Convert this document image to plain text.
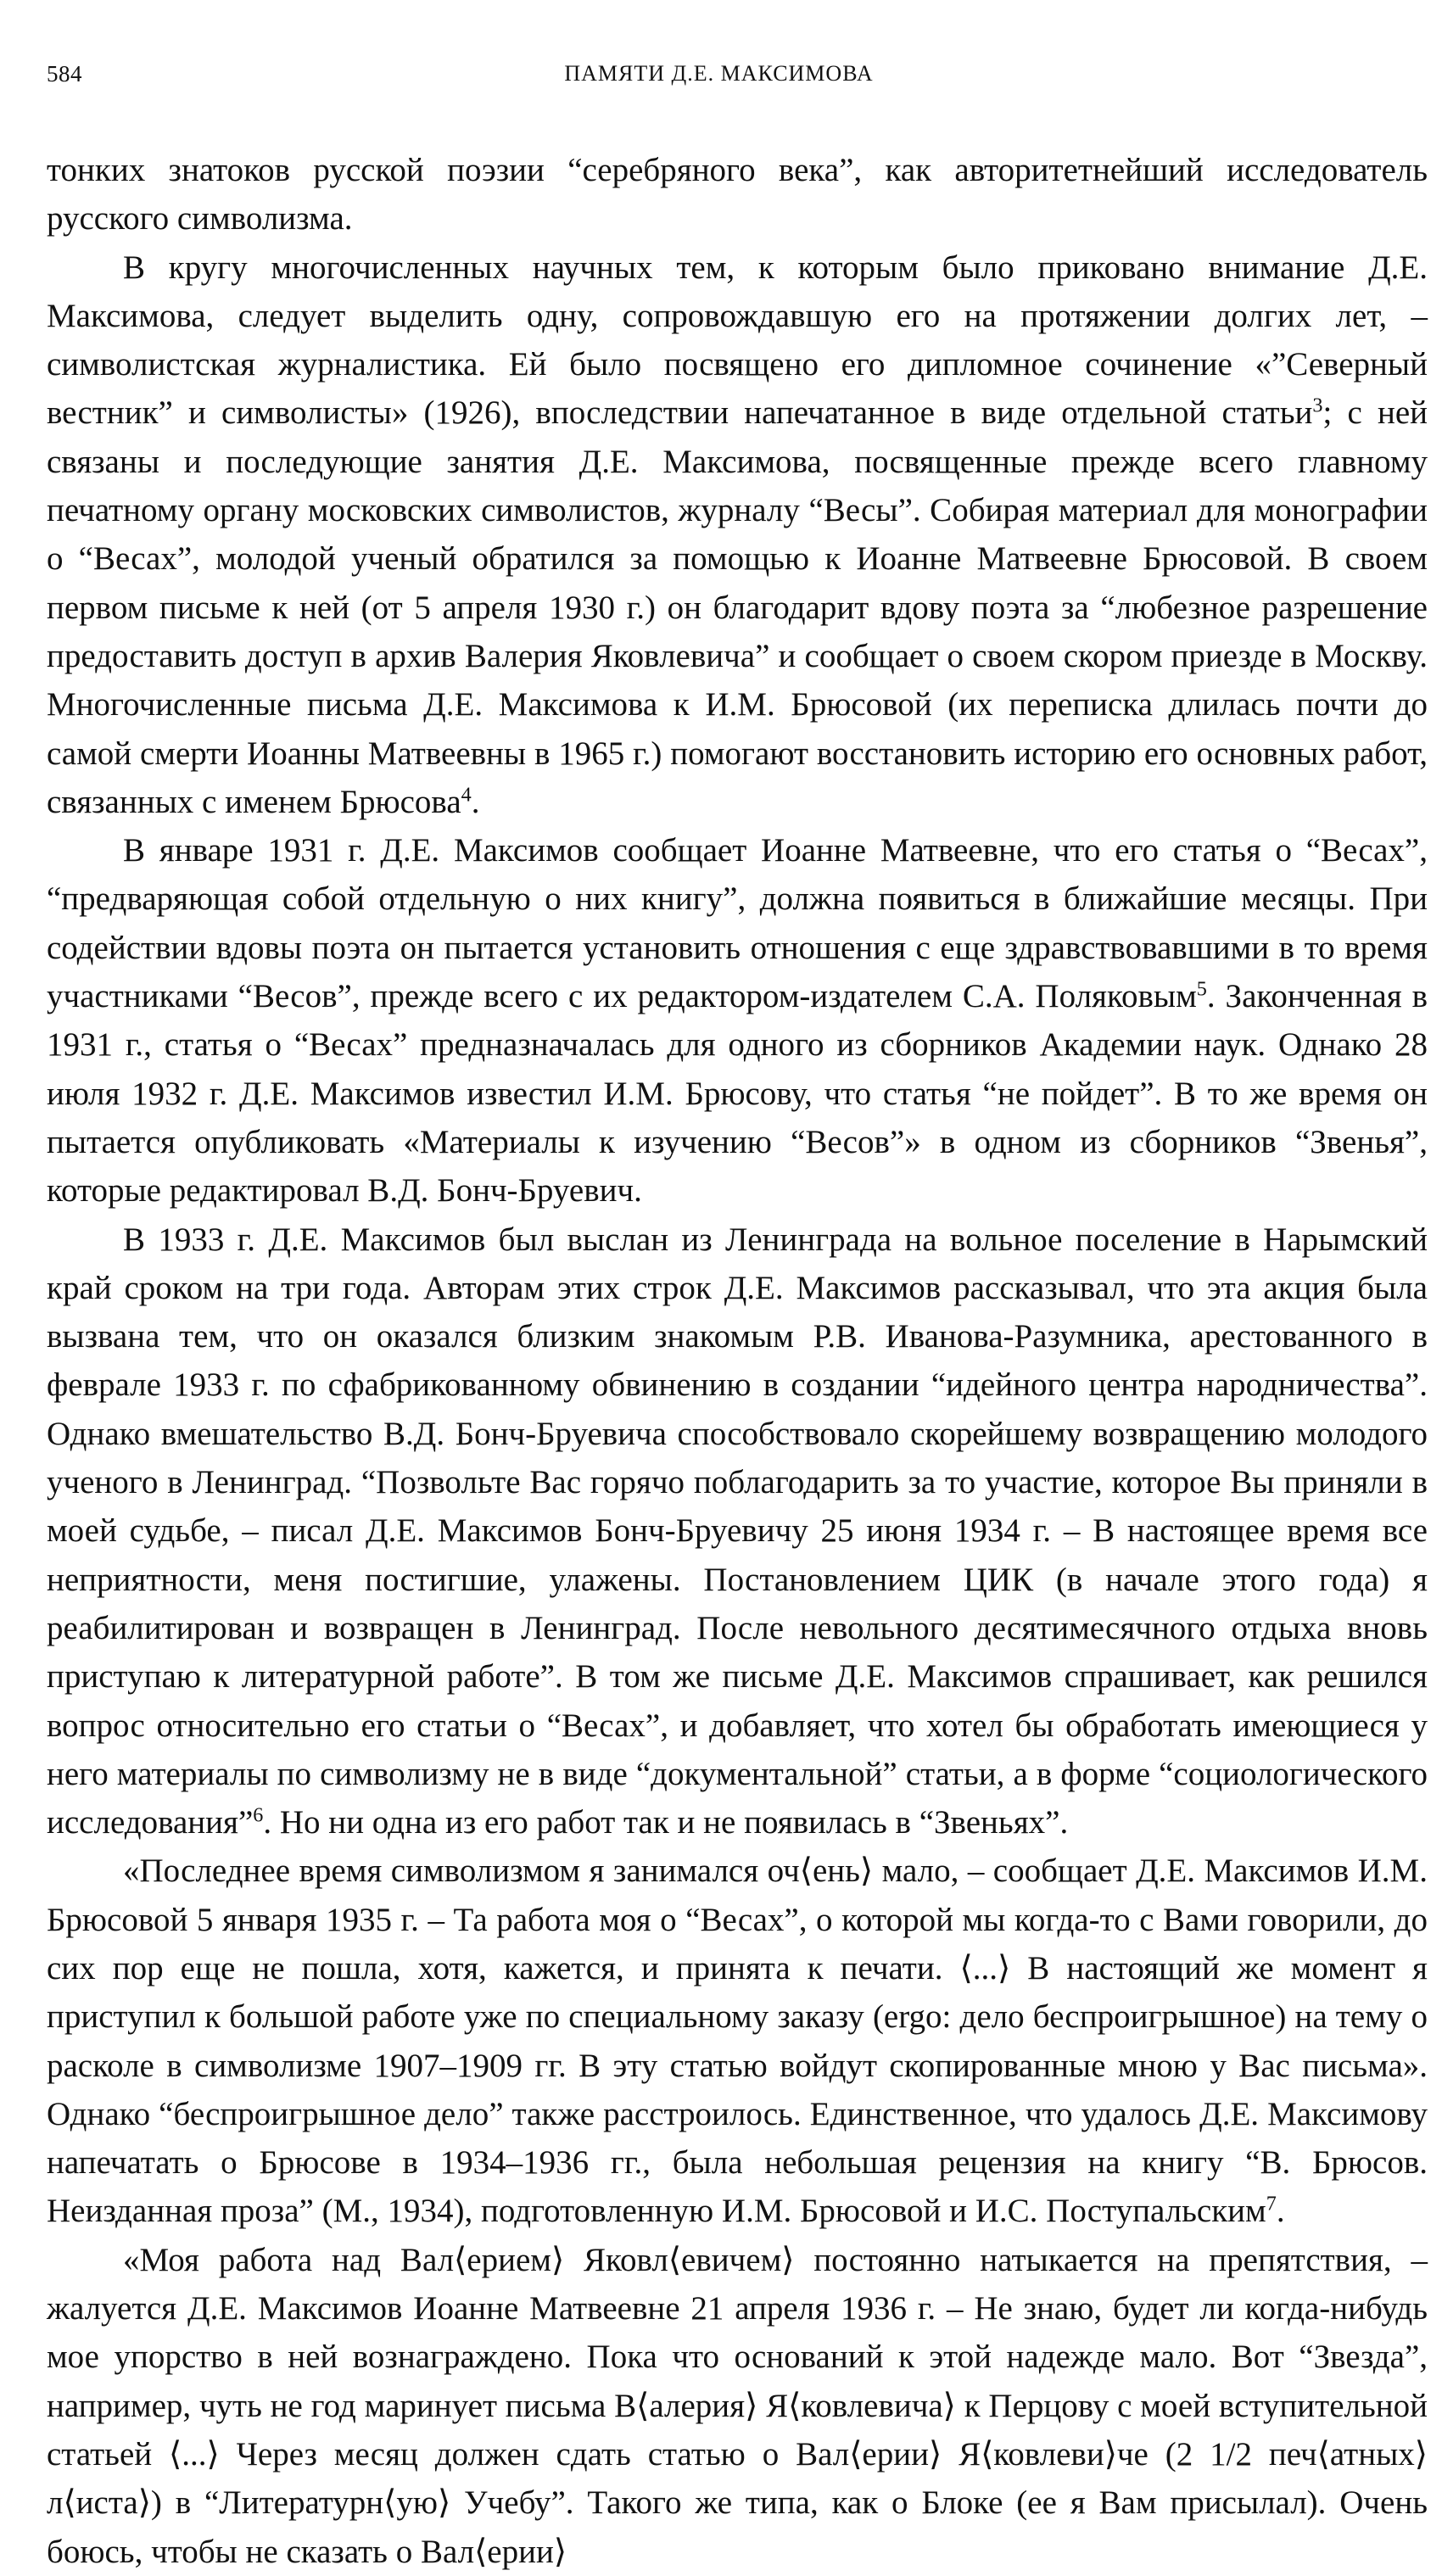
584	ПАМЯТИ Д.Е. МАКСИМОВА

тонких знатоков русской поэзии “серебряного века”, как авторитетнейший исследователь русского символизма.

В кругу многочисленных научных тем, к которым было приковано внимание Д.Е. Максимова, следует выделить одну, сопровождавшую его на протяжении долгих лет, – символистская журналистика. Ей было посвящено его дипломное сочинение «”Северный вестник” и символисты» (1926), впоследствии напечатанное в виде отдельной статьи$^3$; с ней связаны и последующие занятия Д.Е. Максимова, посвященные прежде всего главному печатному органу московских символистов, журналу “Весы”. Собирая материал для монографии о “Весах”, молодой ученый обратился за помощью к Иоанне Матвеевне Брюсовой. В своем первом письме к ней (от 5 апреля 1930 г.) он благодарит вдову поэта за “любезное разрешение предоставить доступ в архив Валерия Яковлевича” и сообщает о своем скором приезде в Москву. Многочисленные письма Д.Е. Максимова к И.М. Брюсовой (их переписка длилась почти до самой смерти Иоанны Матвеевны в 1965 г.) помогают восстановить историю его основных работ, связанных с именем Брюсова$^4$.

В январе 1931 г. Д.Е. Максимов сообщает Иоанне Матвеевне, что его статья о “Весах”, “предваряющая собой отдельную о них книгу”, должна появиться в ближайшие месяцы. При содействии вдовы поэта он пытается установить отношения с еще здравствовавшими в то время участниками “Весов”, прежде всего с их редактором-издателем С.А. Поляковым$^5$. Законченная в 1931 г., статья о “Весах” предназначалась для одного из сборников Академии наук. Однако 28 июля 1932 г. Д.Е. Максимов известил И.М. Брюсову, что статья “не пойдет”. В то же время он пытается опубликовать «Материалы к изучению “Весов”» в одном из сборников “Звенья”, которые редактировал В.Д. Бонч-Бруевич.

В 1933 г. Д.Е. Максимов был выслан из Ленинграда на вольное поселение в Нарымский край сроком на три года. Авторам этих строк Д.Е. Максимов рассказывал, что эта акция была вызвана тем, что он оказался близким знакомым Р.В. Иванова-Разумника, арестованного в феврале 1933 г. по сфабрикованному обвинению в создании “идейного центра народничества”. Однако вмешательство В.Д. Бонч-Бруевича способствовало скорейшему возвращению молодого ученого в Ленинград. “Позвольте Вас горячо поблагодарить за то участие, которое Вы приняли в моей судьбе, – писал Д.Е. Максимов Бонч-Бруевичу 25 июня 1934 г. – В настоящее время все неприятности, меня постигшие, улажены. Постановлением ЦИК (в начале этого года) я реабилитирован и возвращен в Ленинград. После невольного десятимесячного отдыха вновь приступаю к литературной работе”. В том же письме Д.Е. Максимов спрашивает, как решился вопрос относительно его статьи о “Весах”, и добавляет, что хотел бы обработать имеющиеся у него материалы по символизму не в виде “документальной” статьи, а в форме “социологического исследования”$^6$. Но ни одна из его работ так и не появилась в “Звеньях”.

«Последнее время символизмом я занимался оч⟨ень⟩ мало, – сообщает Д.Е. Максимов И.М. Брюсовой 5 января 1935 г. – Та работа моя о “Весах”, о которой мы когда-то с Вами говорили, до сих пор еще не пошла, хотя, кажется, и принята к печати. ⟨...⟩ В настоящий же момент я приступил к большой работе уже по специальному заказу (ergo: дело беспроигрышное) на тему о расколе в символизме 1907–1909 гг. В эту статью войдут скопированные мною у Вас письма». Однако “беспроигрышное дело” также расстроилось. Единственное, что удалось Д.Е. Максимову напечатать о Брюсове в 1934–1936 гг., была небольшая рецензия на книгу “В. Брюсов. Неизданная проза” (М., 1934), подготовленную И.М. Брюсовой и И.С. Поступальским$^7$.

«Моя работа над Вал⟨ерием⟩ Яковл⟨евичем⟩ постоянно натыкается на препятствия, – жалуется Д.Е. Максимов Иоанне Матвеевне 21 апреля 1936 г. – Не знаю, будет ли когда-нибудь мое упорство в ней вознаграждено. Пока что оснований к этой надежде мало. Вот “Звезда”, например, чуть не год маринует письма В⟨алерия⟩ Я⟨ковлевича⟩ к Перцову с моей вступительной статьей ⟨...⟩ Через месяц должен сдать статью о Вал⟨ерии⟩ Я⟨ковлеви⟩че (2 1/2 печ⟨атных⟩ л⟨иста⟩) в “Литературн⟨ую⟩ Учебу”. Такого же типа, как о Блоке (ее я Вам присылал). Очень боюсь, чтобы не сказать о Вал⟨ерии⟩
